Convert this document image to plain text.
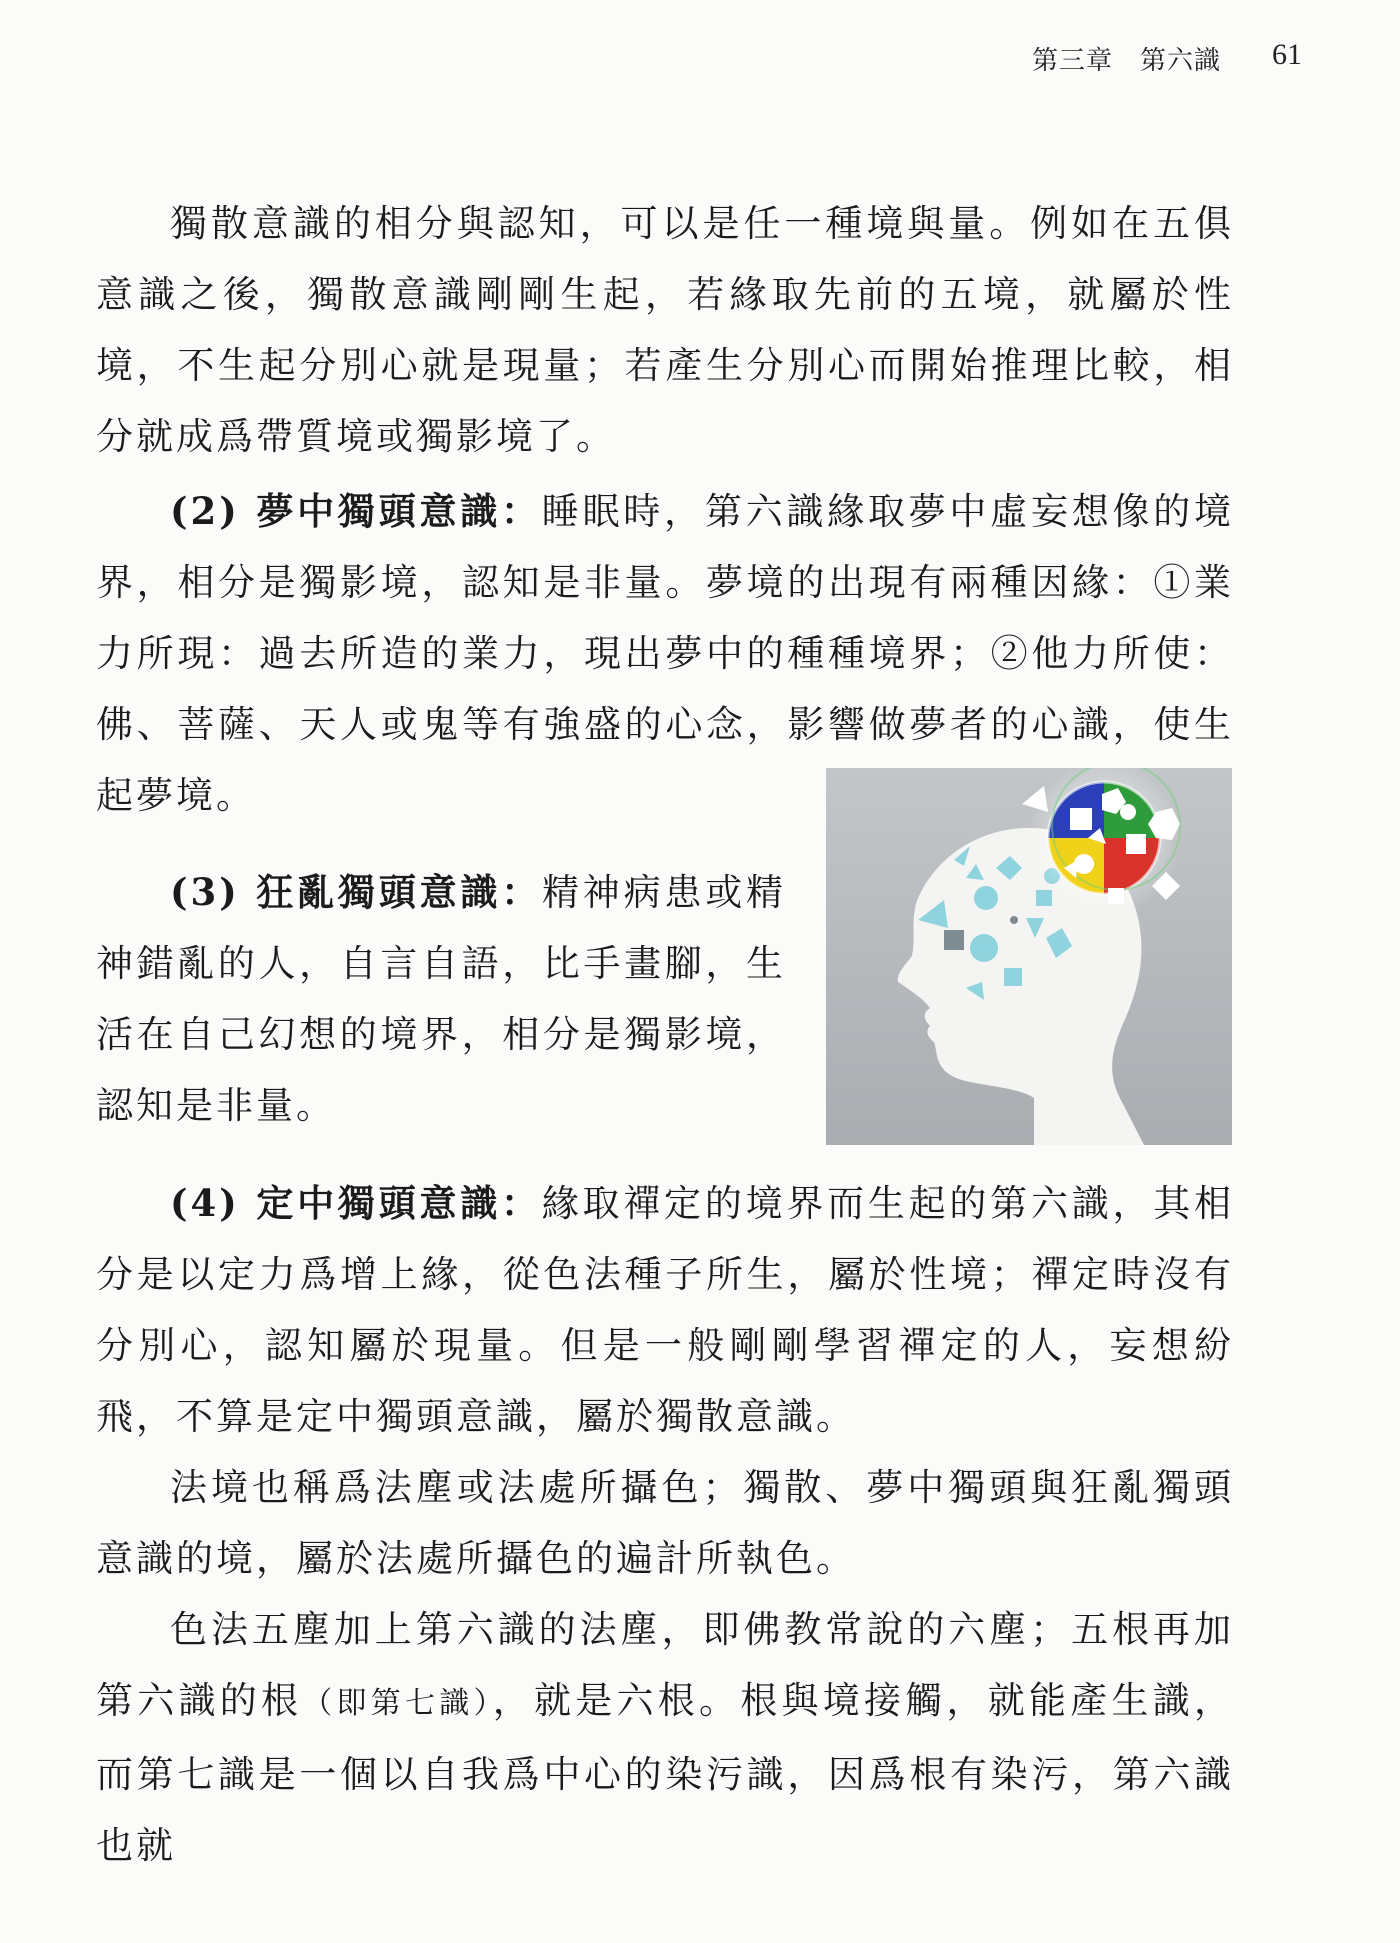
第三章　第六識 61

獨散意識的相分與認知，可以是任一種境與量。例如在五俱意識之後，獨散意識剛剛生起，若緣取先前的五境，就屬於性境，不生起分別心就是現量；若產生分別心而開始推理比較，相分就成爲帶質境或獨影境了。

(2) 夢中獨頭意識：睡眠時，第六識緣取夢中虛妄想像的境界，相分是獨影境，認知是非量。夢境的出現有兩種因緣：①業力所現：過去所造的業力，現出夢中的種種境界；②他力所使：佛、菩薩、天人或鬼等有強盛的心念，影響做夢者的心識，使生起夢境。

(3) 狂亂獨頭意識：精神病患或精神錯亂的人，自言自語，比手畫腳，生活在自己幻想的境界，相分是獨影境，認知是非量。

(4) 定中獨頭意識：緣取禪定的境界而生起的第六識，其相分是以定力爲增上緣，從色法種子所生，屬於性境；禪定時沒有分別心，認知屬於現量。但是一般剛剛學習禪定的人，妄想紛飛，不算是定中獨頭意識，屬於獨散意識。

法境也稱爲法塵或法處所攝色；獨散、夢中獨頭與狂亂獨頭意識的境，屬於法處所攝色的遍計所執色。

色法五塵加上第六識的法塵，即佛教常說的六塵；五根再加第六識的根（即第七識），就是六根。根與境接觸，就能產生識，而第七識是一個以自我爲中心的染污識，因爲根有染污，第六識也就
